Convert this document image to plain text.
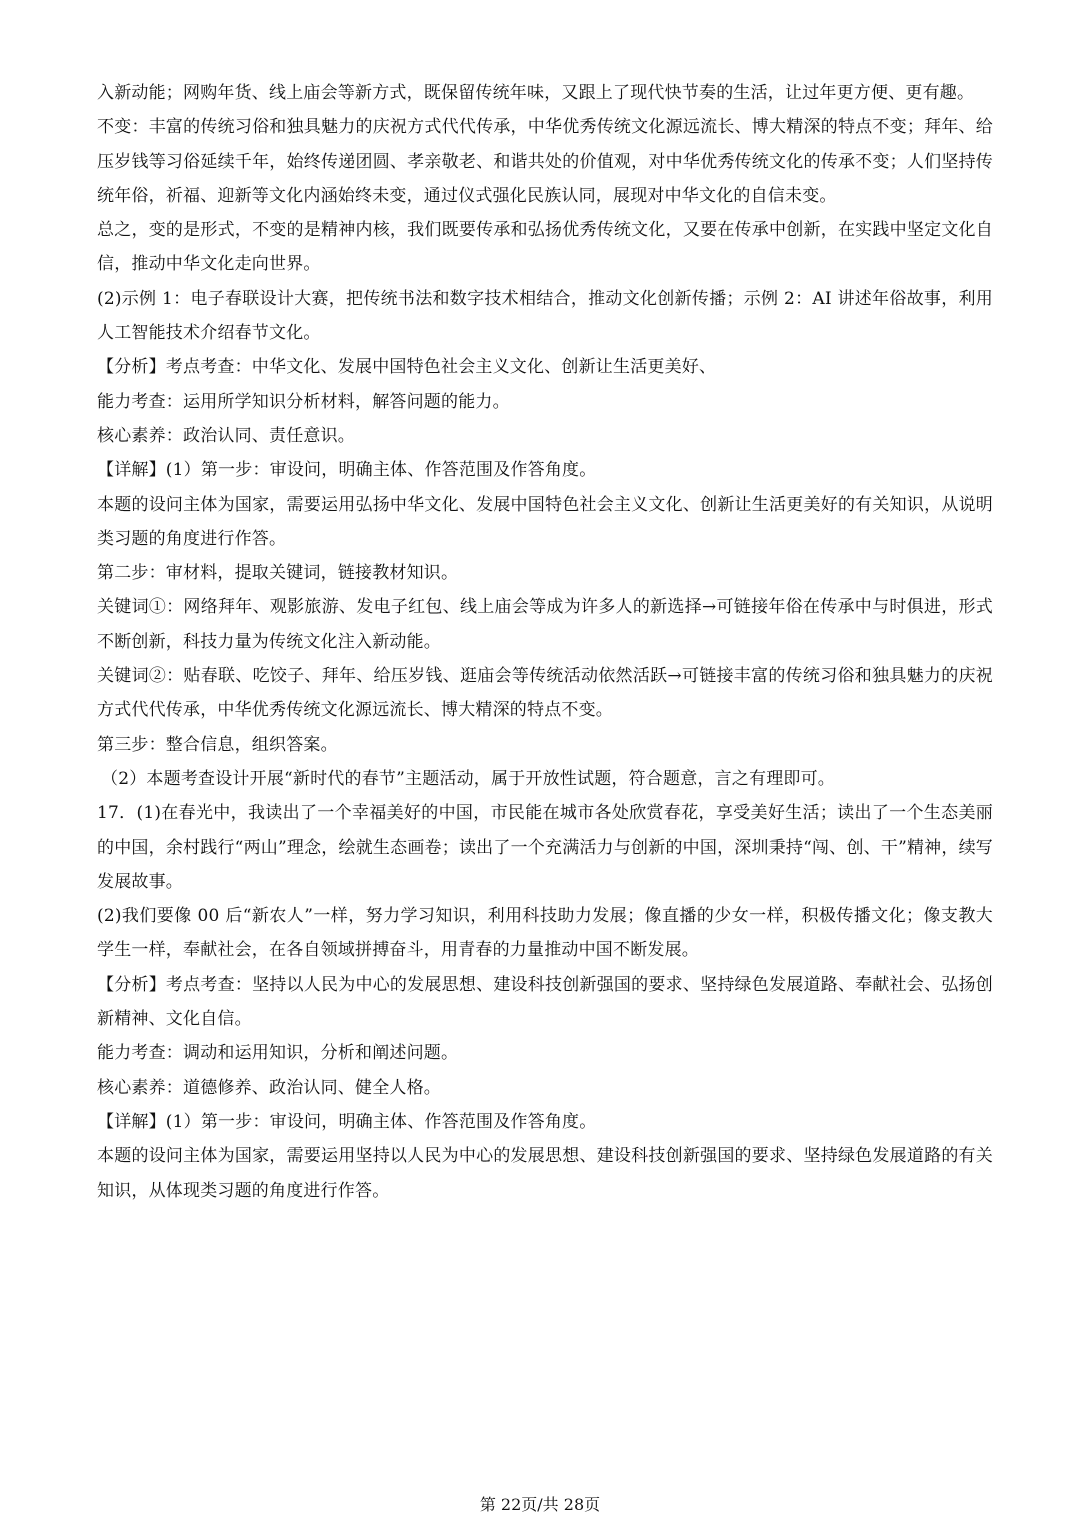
入新动能；网购年货、线上庙会等新方式，既保留传统年味，又跟上了现代快节奏的生活，让过年更方便、更有趣。

不变：丰富的传统习俗和独具魅力的庆祝方式代代传承，中华优秀传统文化源远流长、博大精深的特点不变；拜年、给压岁钱等习俗延续千年，始终传递团圆、孝亲敬老、和谐共处的价值观，对中华优秀传统文化的传承不变；人们坚持传统年俗，祈福、迎新等文化内涵始终未变，通过仪式强化民族认同，展现对中华文化的自信未变。

总之，变的是形式，不变的是精神内核，我们既要传承和弘扬优秀传统文化，又要在传承中创新，在实践中坚定文化自信，推动中华文化走向世界。

(2)示例 1：电子春联设计大赛，把传统书法和数字技术相结合，推动文化创新传播；示例 2：AI 讲述年俗故事，利用人工智能技术介绍春节文化。

【分析】考点考查：中华文化、发展中国特色社会主义文化、创新让生活更美好、

能力考查：运用所学知识分析材料，解答问题的能力。

核心素养：政治认同、责任意识。

【详解】(1）第一步：审设问，明确主体、作答范围及作答角度。

本题的设问主体为国家，需要运用弘扬中华文化、发展中国特色社会主义文化、创新让生活更美好的有关知识，从说明类习题的角度进行作答。

第二步：审材料，提取关键词，链接教材知识。

关键词①：网络拜年、观影旅游、发电子红包、线上庙会等成为许多人的新选择→可链接年俗在传承中与时俱进，形式不断创新，科技力量为传统文化注入新动能。

关键词②：贴春联、吃饺子、拜年、给压岁钱、逛庙会等传统活动依然活跃→可链接丰富的传统习俗和独具魅力的庆祝方式代代传承，中华优秀传统文化源远流长、博大精深的特点不变。

第三步：整合信息，组织答案。

（2）本题考查设计开展“新时代的春节”主题活动，属于开放性试题，符合题意，言之有理即可。

17．(1)在春光中，我读出了一个幸福美好的中国，市民能在城市各处欣赏春花，享受美好生活；读出了一个生态美丽的中国，余村践行“两山”理念，绘就生态画卷；读出了一个充满活力与创新的中国，深圳秉持“闯、创、干”精神，续写发展故事。

(2)我们要像 00 后“新农人”一样，努力学习知识，利用科技助力发展；像直播的少女一样，积极传播文化；像支教大学生一样，奉献社会，在各自领域拼搏奋斗，用青春的力量推动中国不断发展。

【分析】考点考查：坚持以人民为中心的发展思想、建设科技创新强国的要求、坚持绿色发展道路、奉献社会、弘扬创新精神、文化自信。

能力考查：调动和运用知识，分析和阐述问题。

核心素养：道德修养、政治认同、健全人格。

【详解】(1）第一步：审设问，明确主体、作答范围及作答角度。

本题的设问主体为国家，需要运用坚持以人民为中心的发展思想、建设科技创新强国的要求、坚持绿色发展道路的有关知识，从体现类习题的角度进行作答。

第 22页/共 28页
